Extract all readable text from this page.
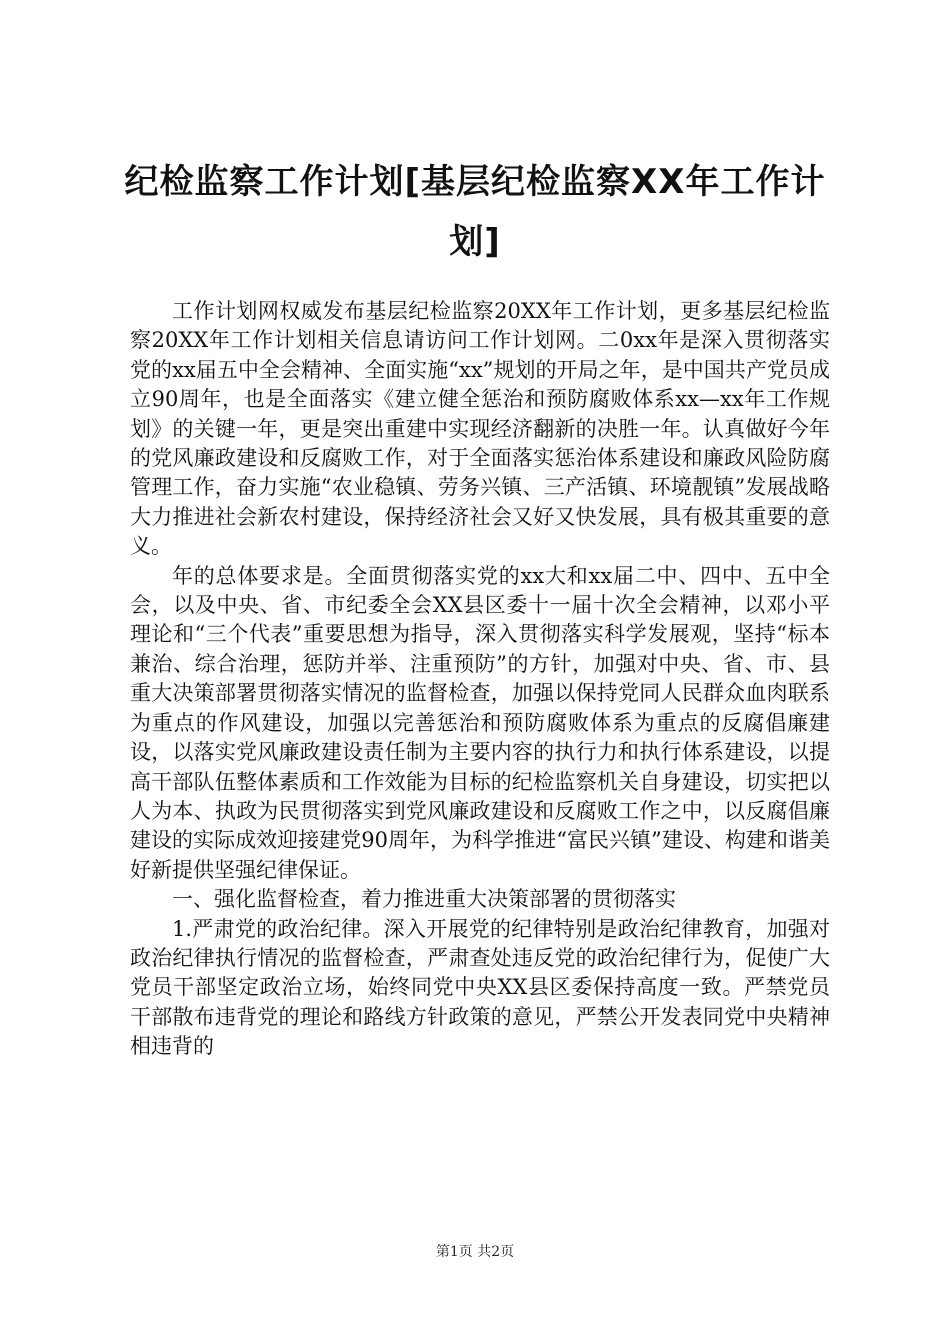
纪检监察工作计划[基层纪检监察XX年工作计划]

工作计划网权威发布基层纪检监察20XX年工作计划，更多基层纪检监察20XX年工作计划相关信息请访问工作计划网。二0xx年是深入贯彻落实党的xx届五中全会精神、全面实施“xx”规划的开局之年，是中国共产党员成立90周年，也是全面落实《建立健全惩治和预防腐败体系xx—xx年工作规划》的关键一年，更是突出重建中实现经济翻新的决胜一年。认真做好今年的党风廉政建设和反腐败工作，对于全面落实惩治体系建设和廉政风险防腐管理工作，奋力实施“农业稳镇、劳务兴镇、三产活镇、环境靓镇”发展战略大力推进社会新农村建设，保持经济社会又好又快发展，具有极其重要的意义。

年的总体要求是。全面贯彻落实党的xx大和xx届二中、四中、五中全会，以及中央、省、市纪委全会XX县区委十一届十次全会精神，以邓小平理论和“三个代表”重要思想为指导，深入贯彻落实科学发展观，坚持“标本兼治、综合治理，惩防并举、注重预防”的方针，加强对中央、省、市、县重大决策部署贯彻落实情况的监督检查，加强以保持党同人民群众血肉联系为重点的作风建设，加强以完善惩治和预防腐败体系为重点的反腐倡廉建设，以落实党风廉政建设责任制为主要内容的执行力和执行体系建设，以提高干部队伍整体素质和工作效能为目标的纪检监察机关自身建设，切实把以人为本、执政为民贯彻落实到党风廉政建设和反腐败工作之中，以反腐倡廉建设的实际成效迎接建党90周年，为科学推进“富民兴镇”建设、构建和谐美好新提供坚强纪律保证。

一、强化监督检查，着力推进重大决策部署的贯彻落实

1.严肃党的政治纪律。深入开展党的纪律特别是政治纪律教育，加强对政治纪律执行情况的监督检查，严肃查处违反党的政治纪律行为，促使广大党员干部坚定政治立场，始终同党中央XX县区委保持高度一致。严禁党员干部散布违背党的理论和路线方针政策的意见，严禁公开发表同党中央精神相违背的

第1页 共2页
